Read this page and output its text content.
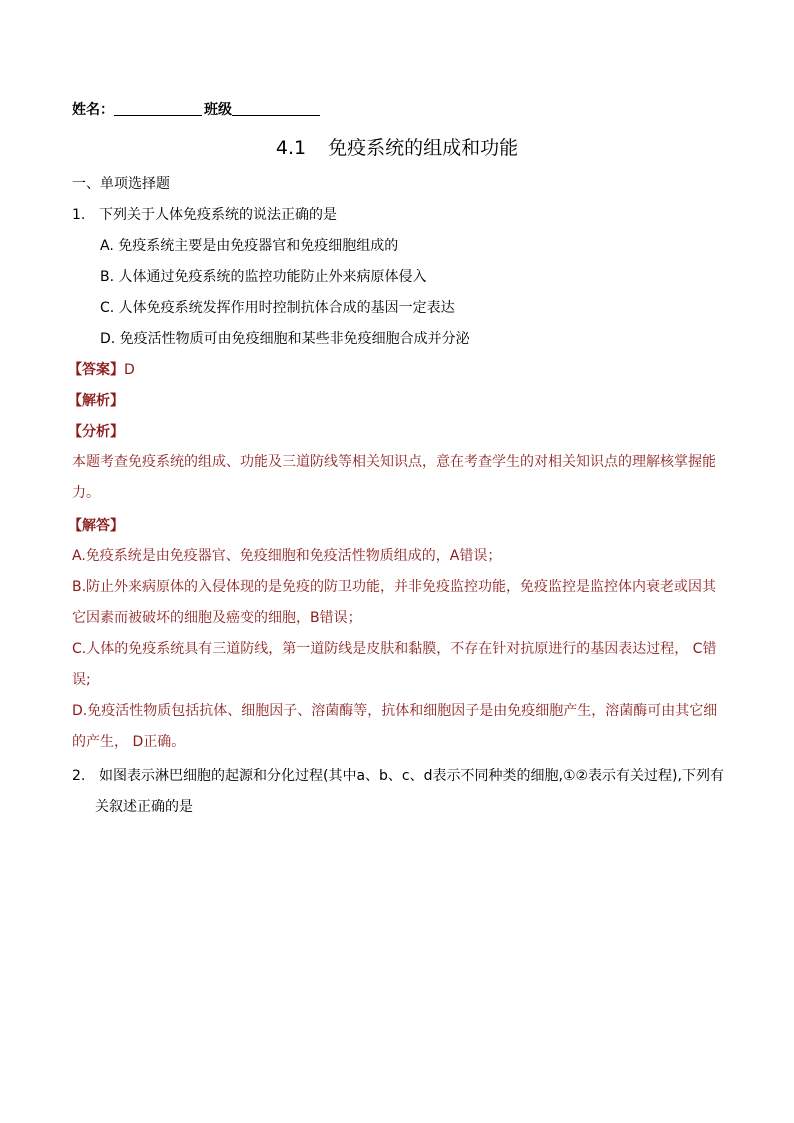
姓名：	班级
4.1 免疫系统的组成和功能
一、单项选择题
1. 下列关于人体免疫系统的说法正确的是
A. 免疫系统主要是由免疫器官和免疫细胞组成的
B. 人体通过免疫系统的监控功能防止外来病原体侵入
C. 人体免疫系统发挥作用时控制抗体合成的基因一定表达
D. 免疫活性物质可由免疫细胞和某些非免疫细胞合成并分泌
【答案】D
【解析】
【分析】
本题考查免疫系统的组成、功能及三道防线等相关知识点，意在考查学生的对相关知识点的理解核掌握能力。
【解答】
A.免疫系统是由免疫器官、免疫细胞和免疫活性物质组成的，A错误；
B.防止外来病原体的入侵体现的是免疫的防卫功能，并非免疫监控功能，免疫监控是监控体内衰老或因其它因素而被破坏的细胞及癌变的细胞，B错误；
C.人体的免疫系统具有三道防线，第一道防线是皮肤和黏膜，不存在针对抗原进行的基因表达过程， C错误;
D.免疫活性物质包括抗体、细胞因子、溶菌酶等，抗体和细胞因子是由免疫细胞产生，溶菌酶可由其它细的产生， D正确。
2. 如图表示淋巴细胞的起源和分化过程(其中a、b、c、d表示不同种类的细胞,①②表示有关过程),下列有
关叙述正确的是
